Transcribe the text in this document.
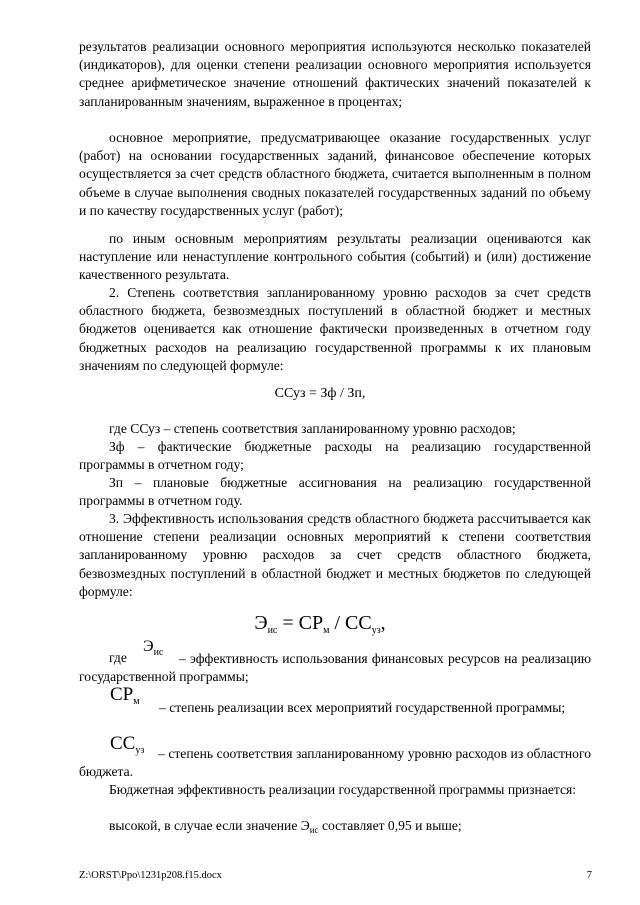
результатов реализации основного мероприятия используются несколько показателей (индикаторов), для оценки степени реализации основного мероприятия используется среднее арифметическое значение отношений фактических значений показателей к запланированным значениям, выраженное в процентах;
основное мероприятие, предусматривающее оказание государственных услуг (работ) на основании государственных заданий, финансовое обеспечение которых осуществляется за счет средств областного бюджета, считается выполненным в полном объеме в случае выполнения сводных показателей государственных заданий по объему и по качеству государственных услуг (работ);
по иным основным мероприятиям результаты реализации оцениваются как наступление или ненаступление контрольного события (событий) и (или) достижение качественного результата.
2. Степень соответствия запланированному уровню расходов за счет средств областного бюджета, безвозмездных поступлений в областной бюджет и местных бюджетов оценивается как отношение фактически произведенных в отчетном году бюджетных расходов на реализацию государственной программы к их плановым значениям по следующей формуле:
ССуз = Зф / Зп,
где ССуз – степень соответствия запланированному уровню расходов;
Зф – фактические бюджетные расходы на реализацию государственной программы в отчетном году;
Зп – плановые бюджетные ассигнования на реализацию государственной программы в отчетном году.
3. Эффективность использования средств областного бюджета рассчитывается как отношение степени реализации основных мероприятий к степени соответствия запланированному уровню расходов за счет средств областного бюджета, безвозмездных поступлений в областной бюджет и местных бюджетов по следующей формуле:
$Э_{ис} = СР_м / СС_{уз}$,
где
$Э_{ис}$	– эффективность использования финансовых ресурсов на реализацию государственной программы;
$СР_м$	– степень реализации всех мероприятий государственной программы;
$СС_{уз}$	– степень соответствия запланированному уровню расходов из областного бюджета.
Бюджетная эффективность реализации государственной программы признается:
высокой, в случае если значение $Э_{ис}$ составляет 0,95 и выше;
Z:\ORST\Ppo\1231p208.f15.docx	7
